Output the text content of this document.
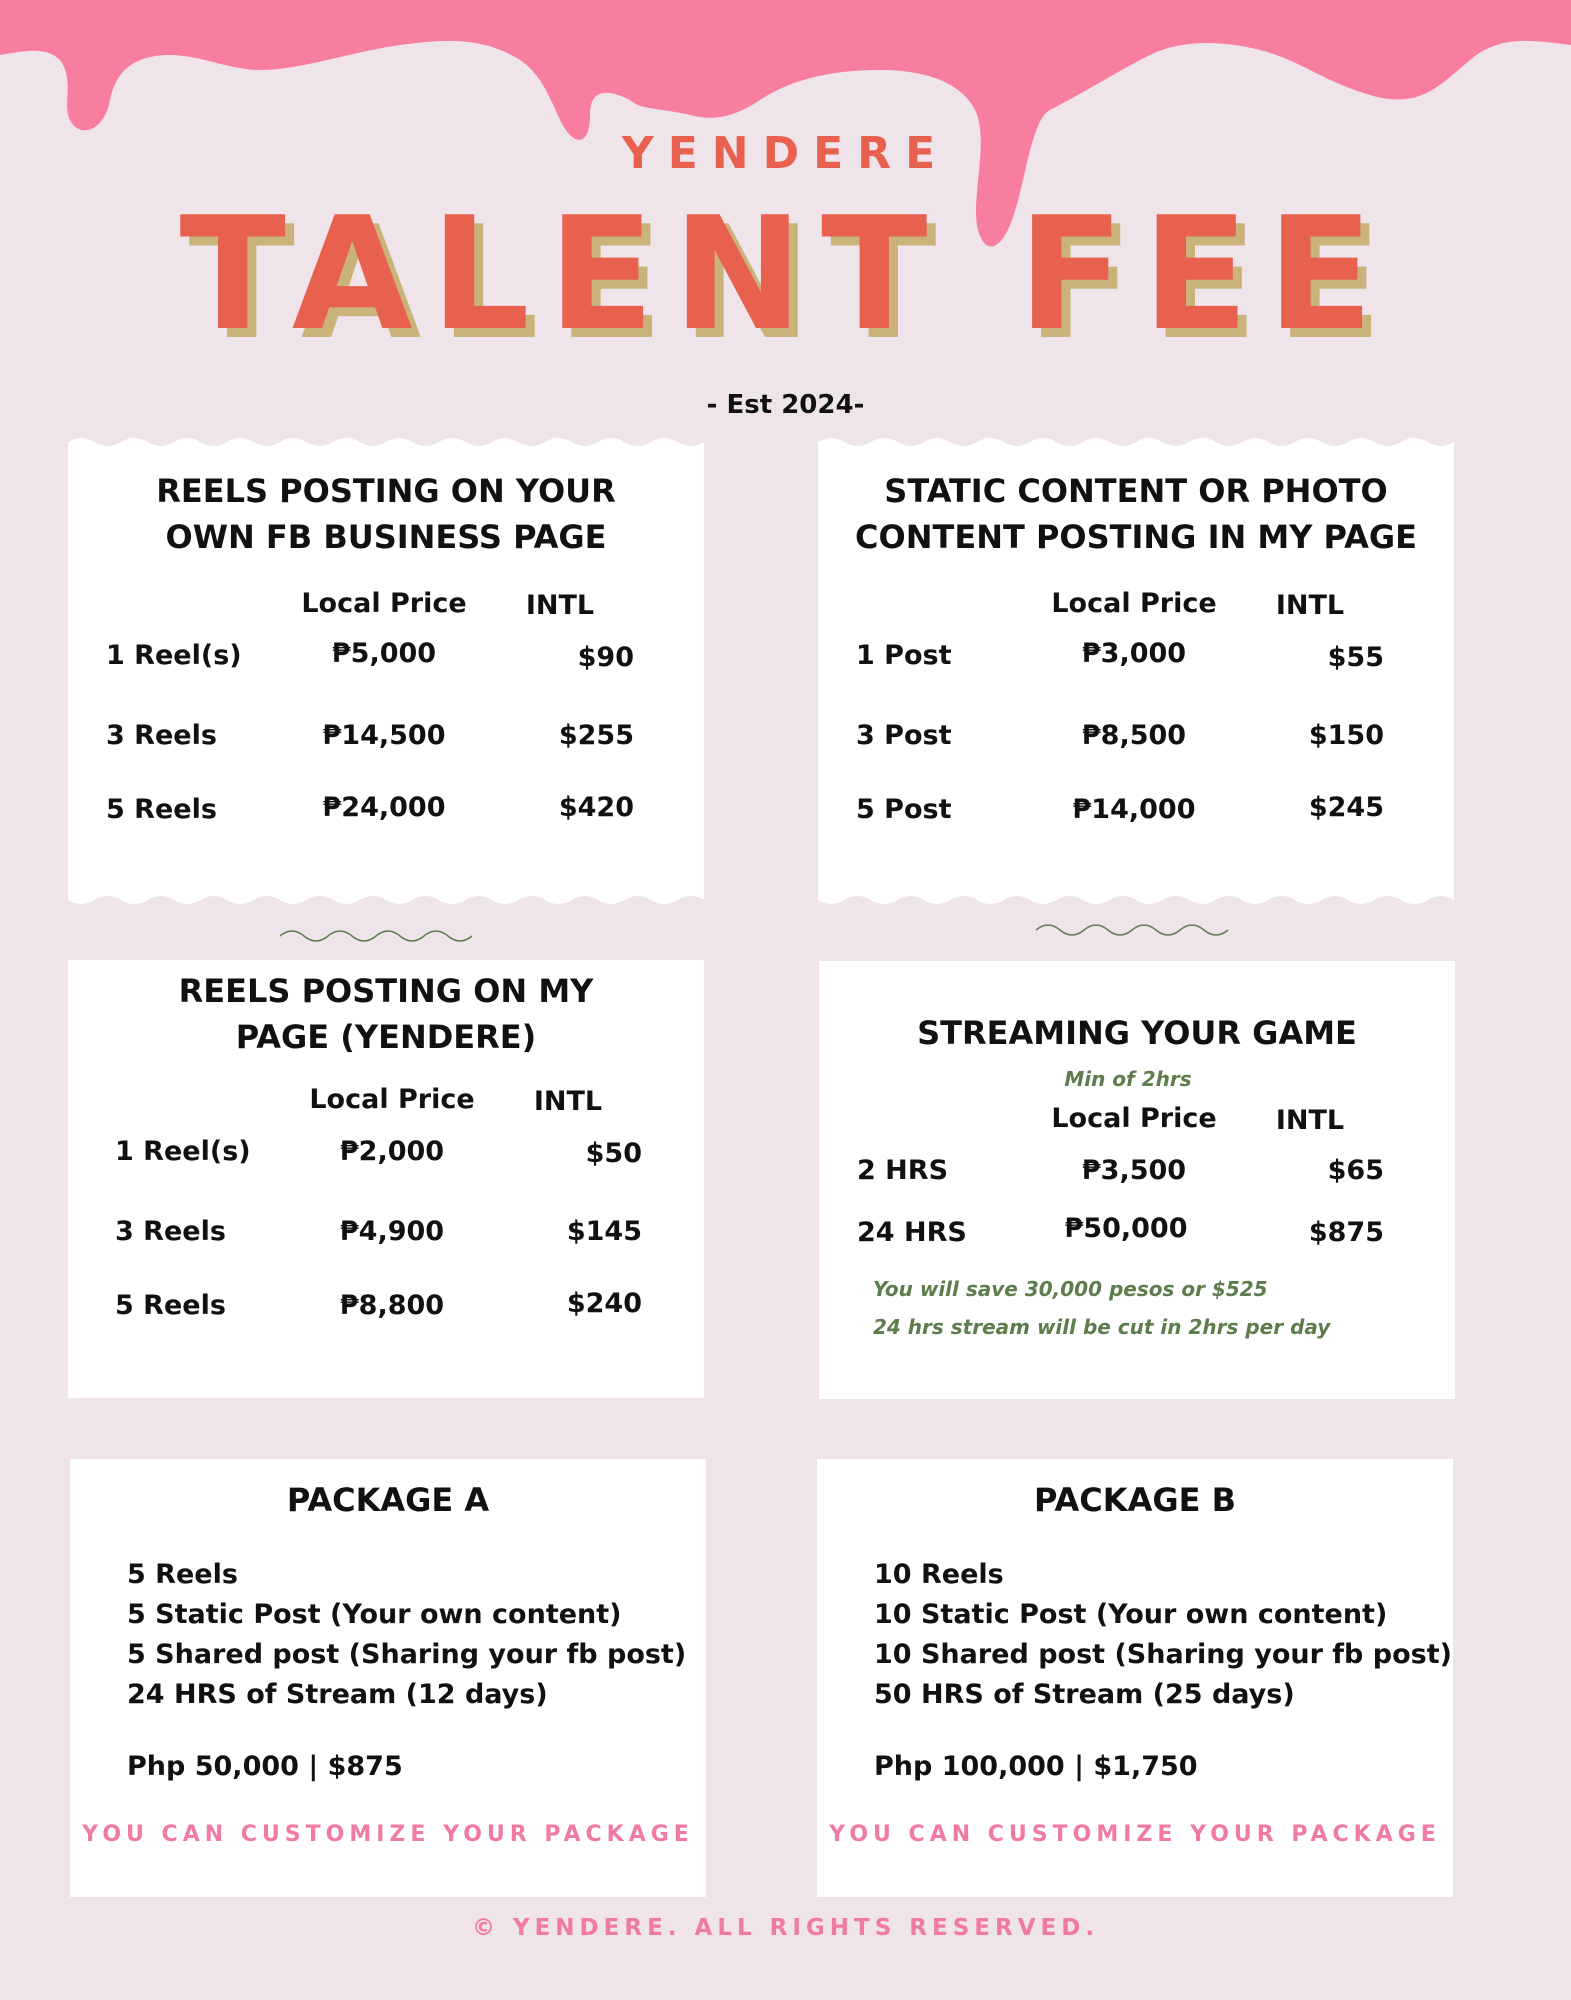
YENDERE
TALENT FEE
- Est 2024-
REELS POSTING ON YOUR
OWN FB BUSINESS PAGE
Local Price	INTL
1 Reel(s)	₱5,000	$90
3 Reels	₱14,500	$255
5 Reels	₱24,000	$420
STATIC CONTENT OR PHOTO
CONTENT POSTING IN MY PAGE
Local Price	INTL
1 Post	₱3,000	$55
3 Post	₱8,500	$150
5 Post	₱14,000	$245
REELS POSTING ON MY
PAGE (YENDERE)
Local Price	INTL
1 Reel(s)	₱2,000	$50
3 Reels	₱4,900	$145
5 Reels	₱8,800	$240
STREAMING YOUR GAME
Min of 2hrs
Local Price	INTL
2 HRS	₱3,500	$65
24 HRS	₱50,000	$875
You will save 30,000 pesos or $525
24 hrs stream will be cut in 2hrs per day
PACKAGE A
5 Reels
5 Static Post (Your own content)
5 Shared post (Sharing your fb post)
24 HRS of Stream (12 days)
Php 50,000 | $875
YOU CAN CUSTOMIZE YOUR PACKAGE
PACKAGE B
10 Reels
10 Static Post (Your own content)
10 Shared post (Sharing your fb post)
50 HRS of Stream (25 days)
Php 100,000 | $1,750
YOU CAN CUSTOMIZE YOUR PACKAGE
© YENDERE. ALL RIGHTS RESERVED.
